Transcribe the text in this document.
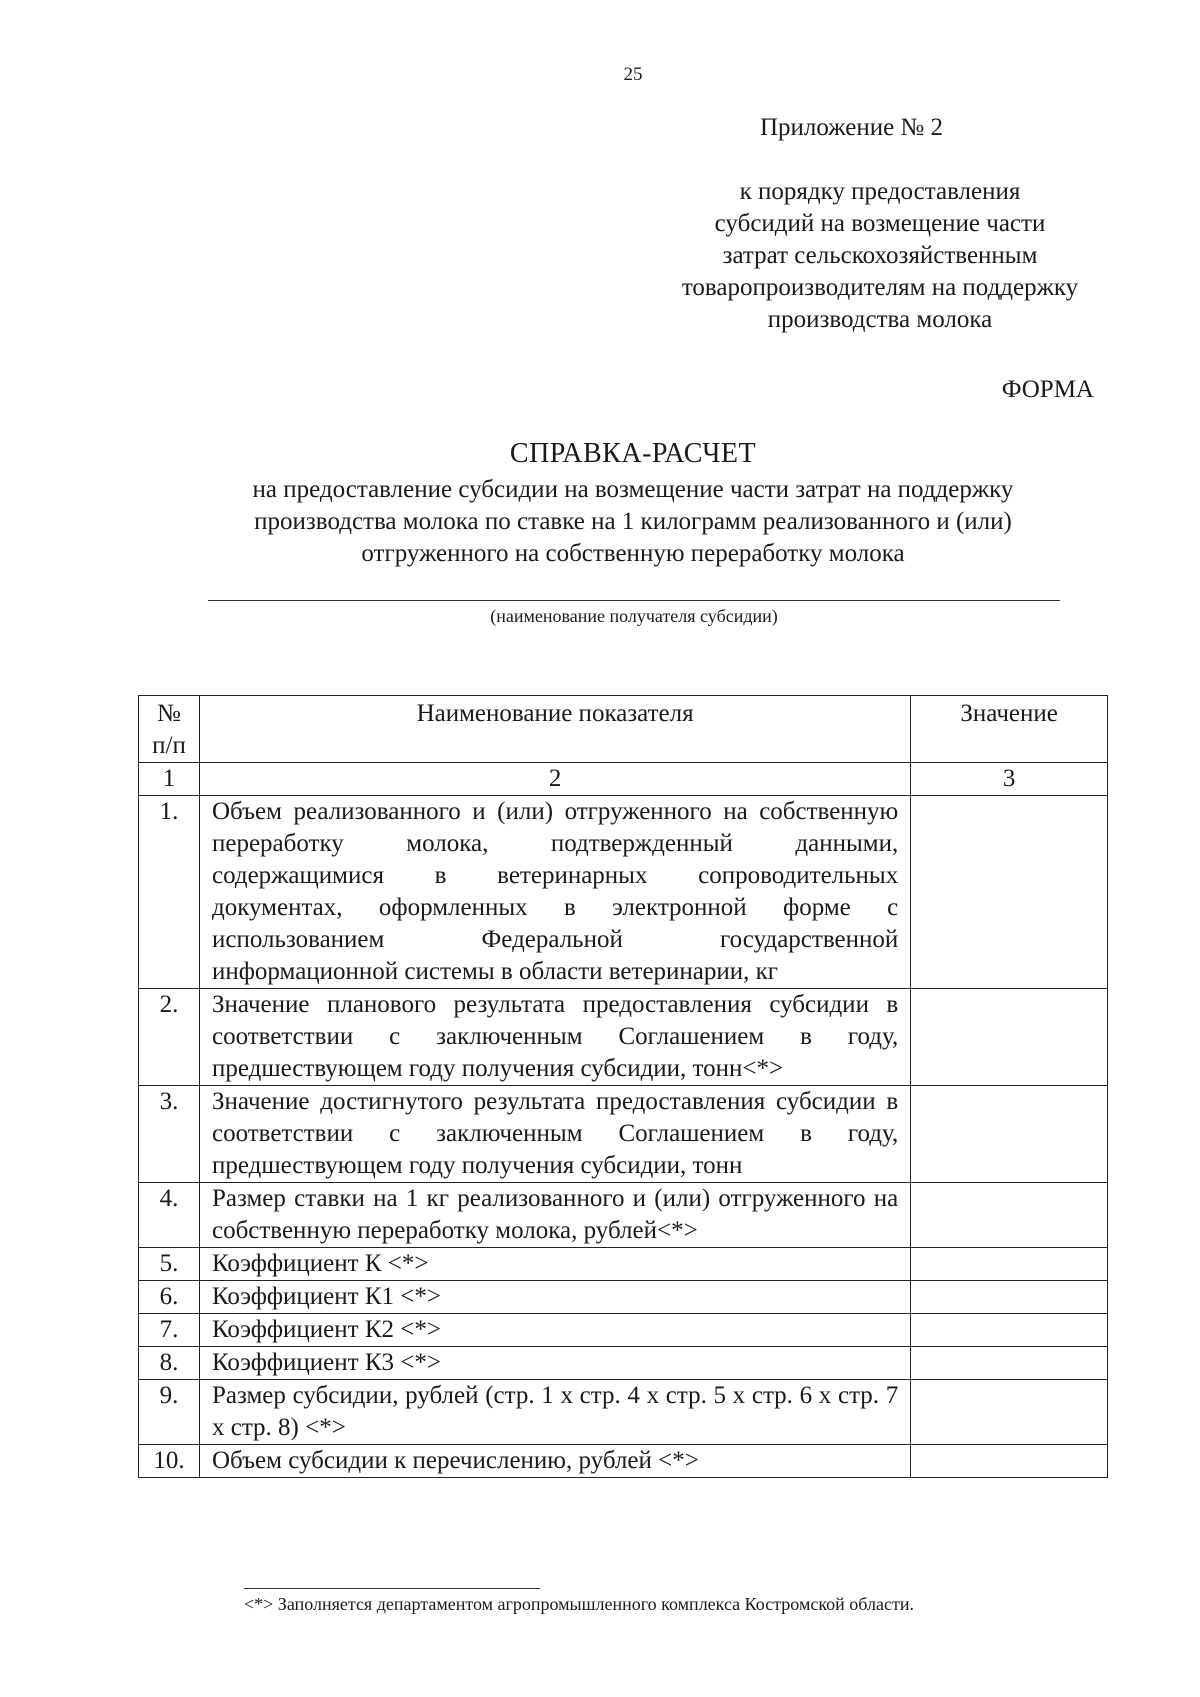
25
Приложение № 2
к порядку предоставления
субсидий на возмещение части
затрат сельскохозяйственным
товаропроизводителям на поддержку
производства молока
ФОРМА
СПРАВКА-РАСЧЕТ
на предоставление субсидии на возмещение части затрат на поддержку
производства молока по ставке на 1 килограмм реализованного и (или)
отгруженного на собственную переработку молока
(наименование получателя субсидии)
№
п/п	Наименование показателя	Значение
1	2	3
1.	Объем реализованного и (или) отгруженного на собственную переработку молока, подтвержденный данными, содержащимися в ветеринарных сопроводительных документах, оформленных в электронной форме с использованием Федеральной государственной информационной системы в области ветеринарии, кг	
2.	Значение планового результата предоставления субсидии в соответствии с заключенным Соглашением в году, предшествующем году получения субсидии, тонн<*>	
3.	Значение достигнутого результата предоставления субсидии в соответствии с заключенным Соглашением в году, предшествующем году получения субсидии, тонн	
4.	Размер ставки на 1 кг реализованного и (или) отгруженного на собственную переработку молока, рублей<*>	
5.	Коэффициент К <*>	
6.	Коэффициент К1 <*>	
7.	Коэффициент К2 <*>	
8.	Коэффициент К3 <*>	
9.	Размер субсидии, рублей (стр. 1 x стр. 4 x стр. 5 x стр. 6 x стр. 7 x стр. 8) <*>	
10.	Объем субсидии к перечислению, рублей <*>	
<*> Заполняется департаментом агропромышленного комплекса Костромской области.
